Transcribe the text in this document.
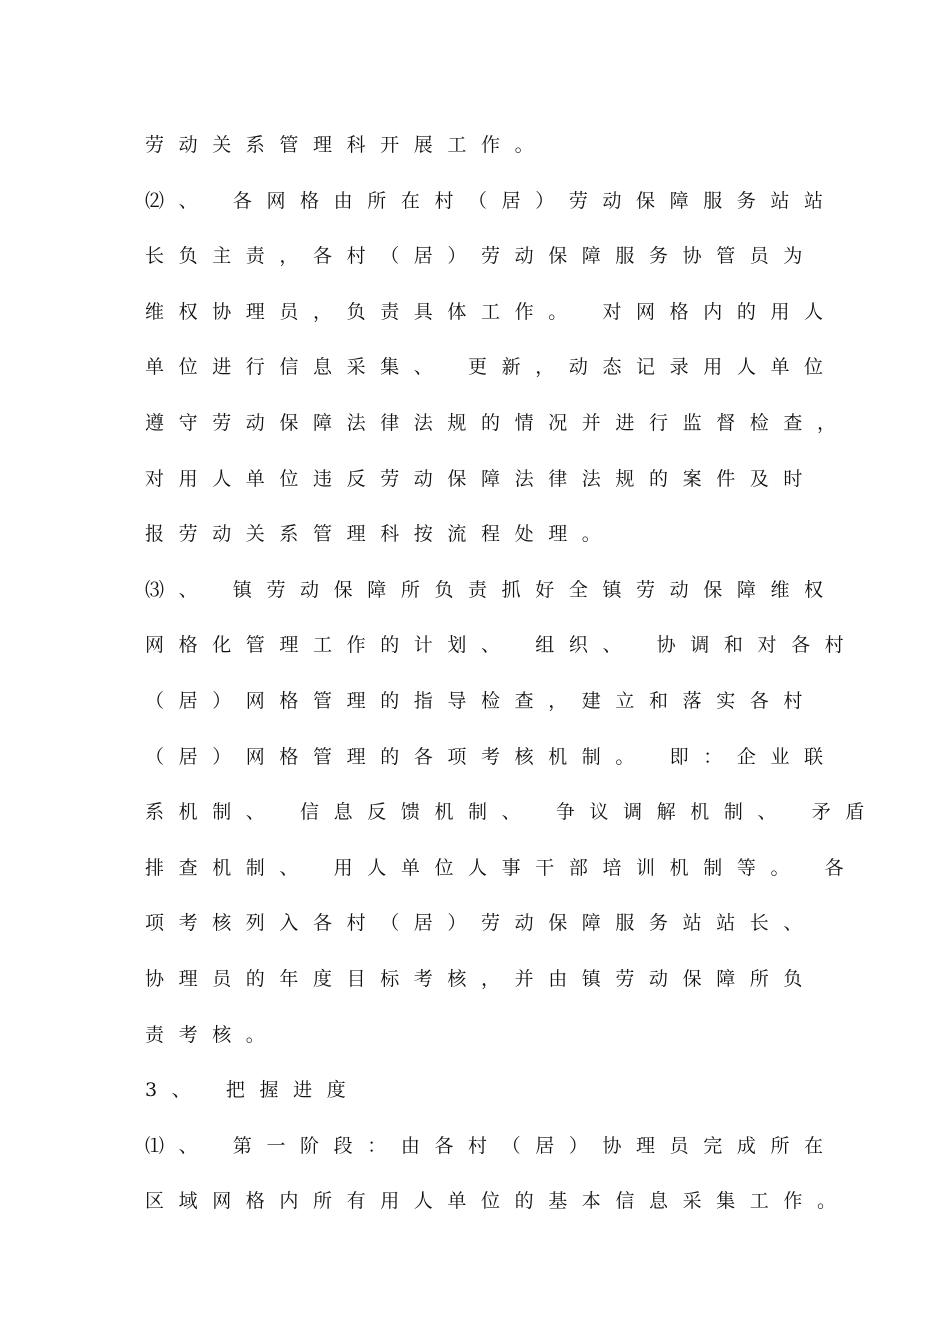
劳动关系管理科开展工作。
⑵、 各网格由所在村（居）劳动保障服务站站
长负主责，各村（居）劳动保障服务协管员为
维权协理员，负责具体工作。 对网格内的用人
单位进行信息采集、 更新，动态记录用人单位
遵守劳动保障法律法规的情况并进行监督检查，
对用人单位违反劳动保障法律法规的案件及时
报劳动关系管理科按流程处理。
⑶、 镇劳动保障所负责抓好全镇劳动保障维权
网格化管理工作的计划、 组织、 协调和对各村
（居）网格管理的指导检查，建立和落实各村
（居）网格管理的各项考核机制。 即：企业联
系机制、 信息反馈机制、 争议调解机制、 矛盾
排查机制、 用人单位人事干部培训机制等。 各
项考核列入各村（居）劳动保障服务站站长、
协理员的年度目标考核，并由镇劳动保障所负
责考核。
3、 把握进度
⑴、 第一阶段：由各村（居）协理员完成所在
区域网格内所有用人单位的基本信息采集工作。
